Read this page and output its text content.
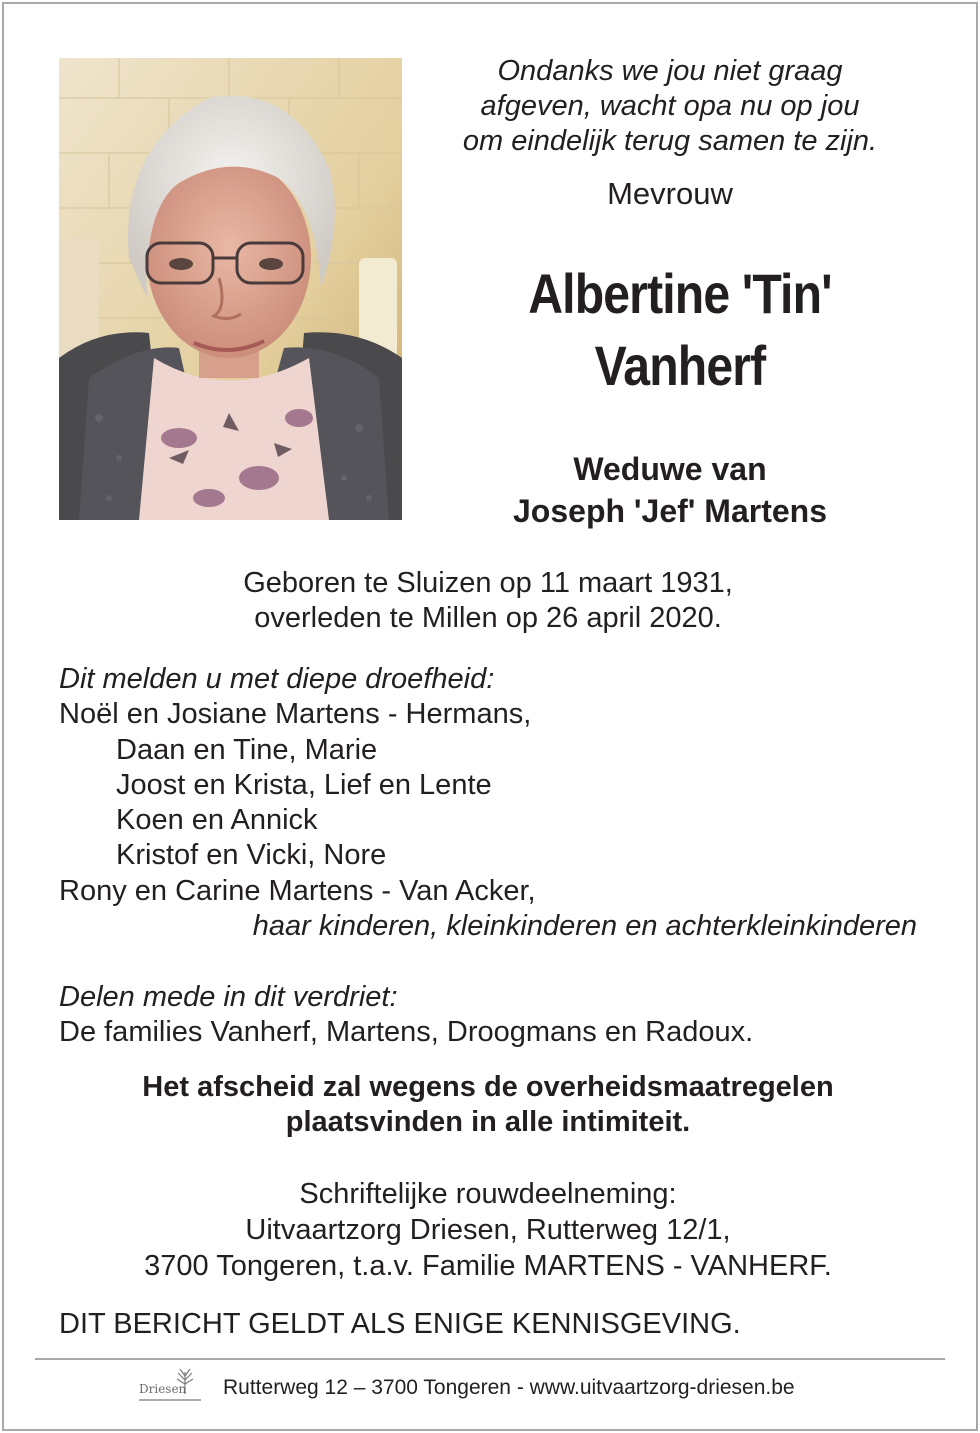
Ondanks we jou niet graag
afgeven, wacht opa nu op jou
om eindelijk terug samen te zijn.
Mevrouw
Albertine 'Tin'
Vanherf
Weduwe van
Joseph 'Jef' Martens
Geboren te Sluizen op 11 maart 1931,
overleden te Millen op 26 april 2020.
Dit melden u met diepe droefheid:
Noël en Josiane Martens - Hermans,
Daan en Tine, Marie
Joost en Krista, Lief en Lente
Koen en Annick
Kristof en Vicki, Nore
Rony en Carine Martens - Van Acker,
haar kinderen, kleinkinderen en achterkleinkinderen
Delen mede in dit verdriet:
De families Vanherf, Martens, Droogmans en Radoux.
Het afscheid zal wegens de overheidsmaatregelen
plaatsvinden in alle intimiteit.
Schriftelijke rouwdeelneming:
Uitvaartzorg Driesen, Rutterweg 12/1,
3700 Tongeren, t.a.v. Familie MARTENS - VANHERF.
DIT BERICHT GELDT ALS ENIGE KENNISGEVING.
Driesen Rutterweg 12 – 3700 Tongeren - www.uitvaartzorg-driesen.be
